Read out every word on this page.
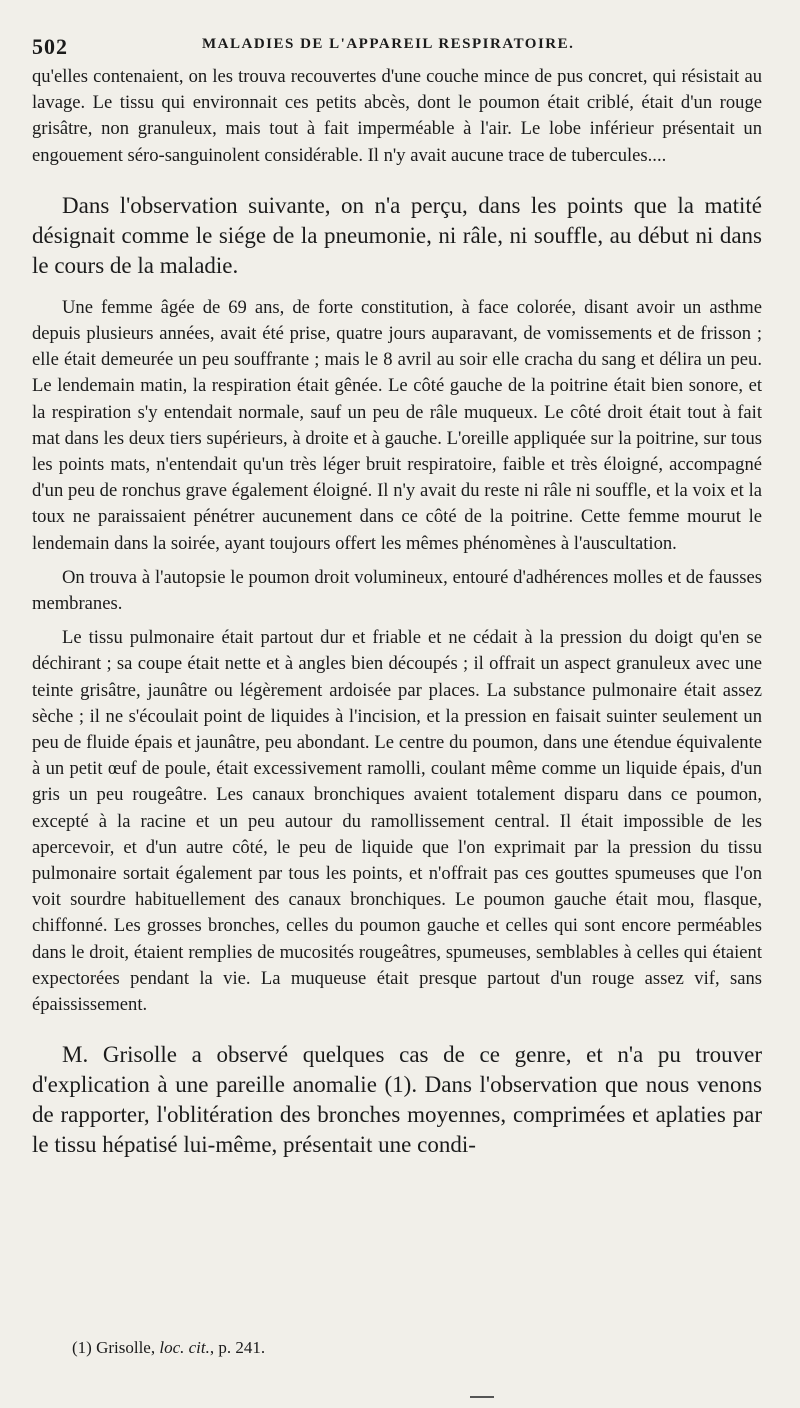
502	MALADIES DE L'APPAREIL RESPIRATOIRE.

qu'elles contenaient, on les trouva recouvertes d'une couche mince de pus concret, qui résistait au lavage. Le tissu qui environnait ces petits abcès, dont le poumon était criblé, était d'un rouge grisâtre, non granuleux, mais tout à fait imperméable à l'air. Le lobe inférieur présentait un engouement séro-sanguinolent considérable. Il n'y avait aucune trace de tubercules....

Dans l'observation suivante, on n'a perçu, dans les points que la matité désignait comme le siége de la pneumonie, ni râle, ni souffle, au début ni dans le cours de la maladie.

Une femme âgée de 69 ans, de forte constitution, à face colorée, disant avoir un asthme depuis plusieurs années, avait été prise, quatre jours auparavant, de vomissements et de frisson ; elle était demeurée un peu souffrante ; mais le 8 avril au soir elle cracha du sang et délira un peu. Le lendemain matin, la respiration était gênée. Le côté gauche de la poitrine était bien sonore, et la respiration s'y entendait normale, sauf un peu de râle muqueux. Le côté droit était tout à fait mat dans les deux tiers supérieurs, à droite et à gauche. L'oreille appliquée sur la poitrine, sur tous les points mats, n'entendait qu'un très léger bruit respiratoire, faible et très éloigné, accompagné d'un peu de ronchus grave également éloigné. Il n'y avait du reste ni râle ni souffle, et la voix et la toux ne paraissaient pénétrer aucunement dans ce côté de la poitrine. Cette femme mourut le lendemain dans la soirée, ayant toujours offert les mêmes phénomènes à l'auscultation.

On trouva à l'autopsie le poumon droit volumineux, entouré d'adhérences molles et de fausses membranes.

Le tissu pulmonaire était partout dur et friable et ne cédait à la pression du doigt qu'en se déchirant ; sa coupe était nette et à angles bien découpés ; il offrait un aspect granuleux avec une teinte grisâtre, jaunâtre ou légèrement ardoisée par places. La substance pulmonaire était assez sèche ; il ne s'écoulait point de liquides à l'incision, et la pression en faisait suinter seulement un peu de fluide épais et jaunâtre, peu abondant. Le centre du poumon, dans une étendue équivalente à un petit œuf de poule, était excessivement ramolli, coulant même comme un liquide épais, d'un gris un peu rougeâtre. Les canaux bronchiques avaient totalement disparu dans ce poumon, excepté à la racine et un peu autour du ramollissement central. Il était impossible de les apercevoir, et d'un autre côté, le peu de liquide que l'on exprimait par la pression du tissu pulmonaire sortait également par tous les points, et n'offrait pas ces gouttes spumeuses que l'on voit sourdre habituellement des canaux bronchiques. Le poumon gauche était mou, flasque, chiffonné. Les grosses bronches, celles du poumon gauche et celles qui sont encore perméables dans le droit, étaient remplies de mucosités rougeâtres, spumeuses, semblables à celles qui étaient expectorées pendant la vie. La muqueuse était presque partout d'un rouge assez vif, sans épaississement.

M. Grisolle a observé quelques cas de ce genre, et n'a pu trouver d'explication à une pareille anomalie (1). Dans l'observation que nous venons de rapporter, l'oblitération des bronches moyennes, comprimées et aplaties par le tissu hépatisé lui-même, présentait une condi-

(1) Grisolle, loc. cit., p. 241.
